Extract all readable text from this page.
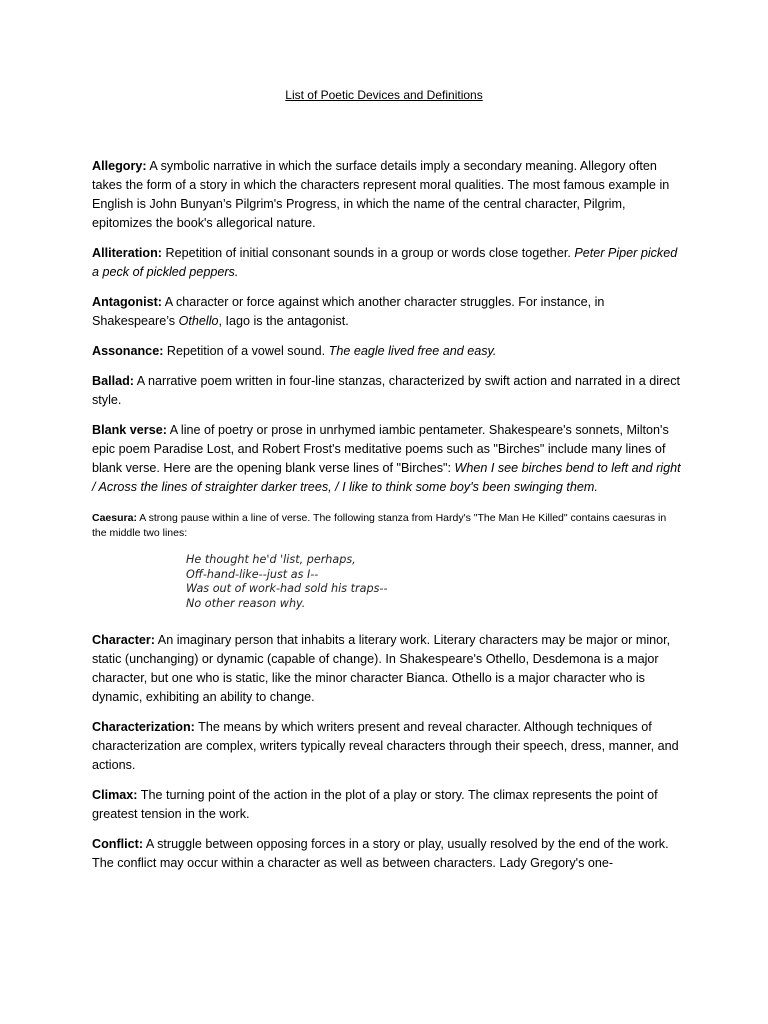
List of Poetic Devices and Definitions

Allegory: A symbolic narrative in which the surface details imply a secondary meaning. Allegory often takes the form of a story in which the characters represent moral qualities. The most famous example in English is John Bunyan’s Pilgrim's Progress, in which the name of the central character, Pilgrim, epitomizes the book's allegorical nature.

Alliteration: Repetition of initial consonant sounds in a group or words close together. Peter Piper picked a peck of pickled peppers.

Antagonist: A character or force against which another character struggles. For instance, in Shakespeare’s Othello, Iago is the antagonist.

Assonance: Repetition of a vowel sound. The eagle lived free and easy.

Ballad: A narrative poem written in four-line stanzas, characterized by swift action and narrated in a direct style.

Blank verse: A line of poetry or prose in unrhymed iambic pentameter. Shakespeare's sonnets, Milton's epic poem Paradise Lost, and Robert Frost's meditative poems such as "Birches" include many lines of blank verse. Here are the opening blank verse lines of "Birches": When I see birches bend to left and right / Across the lines of straighter darker trees, / I like to think some boy's been swinging them.

Caesura: A strong pause within a line of verse. The following stanza from Hardy's "The Man He Killed" contains caesuras in the middle two lines:

He thought he'd 'list, perhaps,
Off-hand-like--just as I--
Was out of work-had sold his traps--
No other reason why.

Character: An imaginary person that inhabits a literary work. Literary characters may be major or minor, static (unchanging) or dynamic (capable of change). In Shakespeare's Othello, Desdemona is a major character, but one who is static, like the minor character Bianca. Othello is a major character who is dynamic, exhibiting an ability to change.

Characterization: The means by which writers present and reveal character. Although techniques of characterization are complex, writers typically reveal characters through their speech, dress, manner, and actions.

Climax: The turning point of the action in the plot of a play or story. The climax represents the point of greatest tension in the work.

Conflict: A struggle between opposing forces in a story or play, usually resolved by the end of the work. The conflict may occur within a character as well as between characters. Lady Gregory's one-
